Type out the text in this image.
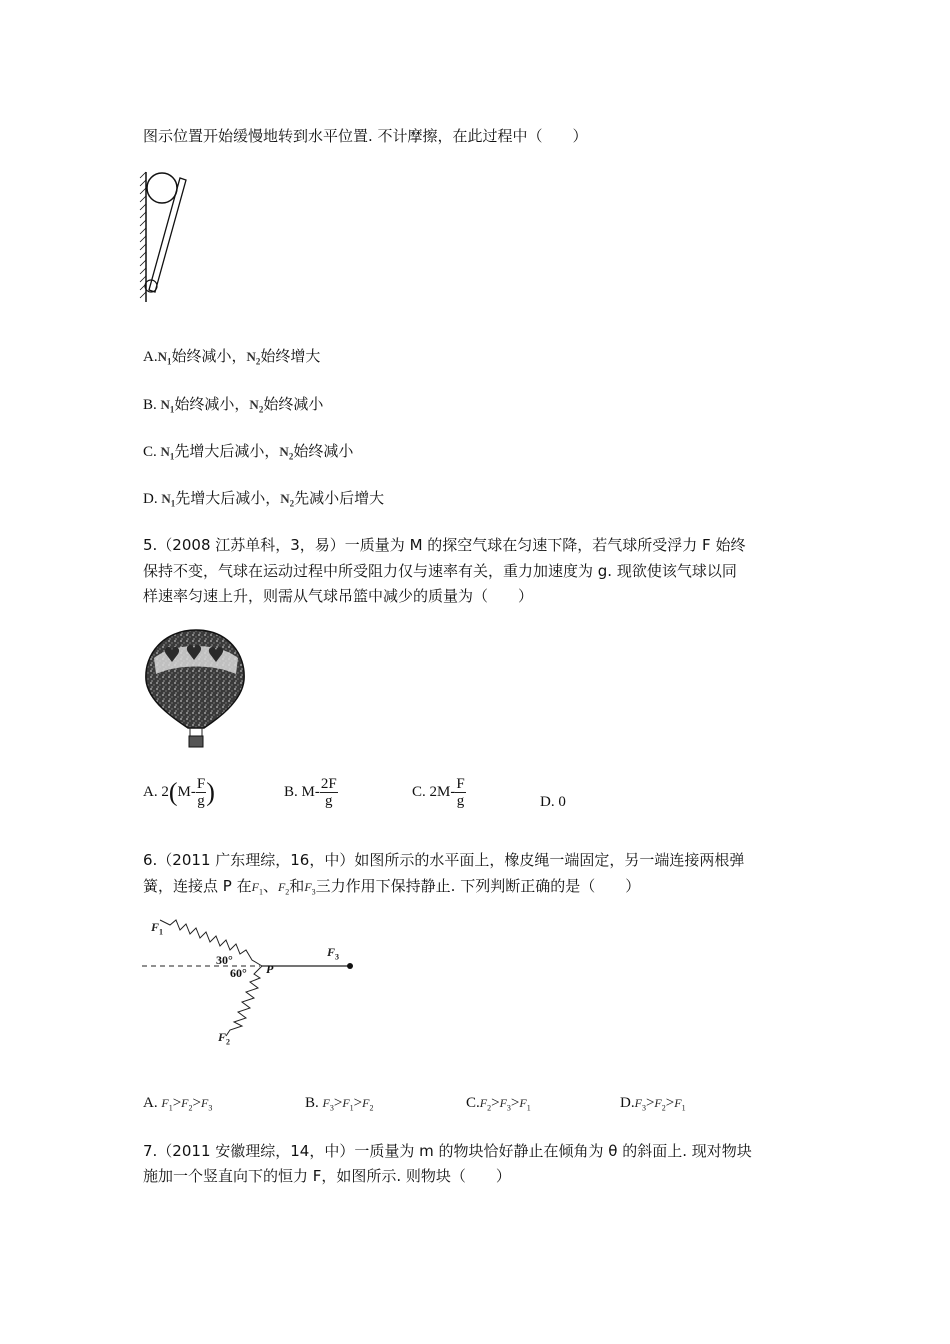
图示位置开始缓慢地转到水平位置. 不计摩擦，在此过程中（　　）
$A.N_1$始终减小，$N_2$始终增大
B. $N_1$始终减小，$N_2$始终减小
C. $N_1$先增大后减小，$N_2$始终减小
D. $N_1$先增大后减小，$N_2$先减小后增大
5.（2008 江苏单科，3，易）一质量为 M 的探空气球在匀速下降，若气球所受浮力 F 始终
保持不变，气球在运动过程中所受阻力仅与速率有关，重力加速度为 g. 现欲使该气球以同
样速率匀速上升，则需从气球吊篮中减少的质量为（　　）
A. $2(M- \frac{F}{g}$ )	B. $M- \frac{2F}{g}$	C. $2M- \frac{F}{g}$	D. 0
6.（2011 广东理综，16，中）如图所示的水平面上，橡皮绳一端固定，另一端连接两根弹
簧，连接点 P 在$F_1$、$F_2$和$F_3$三力作用下保持静止. 下列判断正确的是（　　）
$F_1$
$F_3$
$F_2$
30°
60° P
A. $F_1>F_2>F_3$	B. $F_3>F_1>F_2$	$C.F_2>F_3>F_1$	$D.F_3>F_2>F_1$
7.（2011 安徽理综，14，中）一质量为 m 的物块恰好静止在倾角为 θ 的斜面上. 现对物块
施加一个竖直向下的恒力 F，如图所示. 则物块（　　）
